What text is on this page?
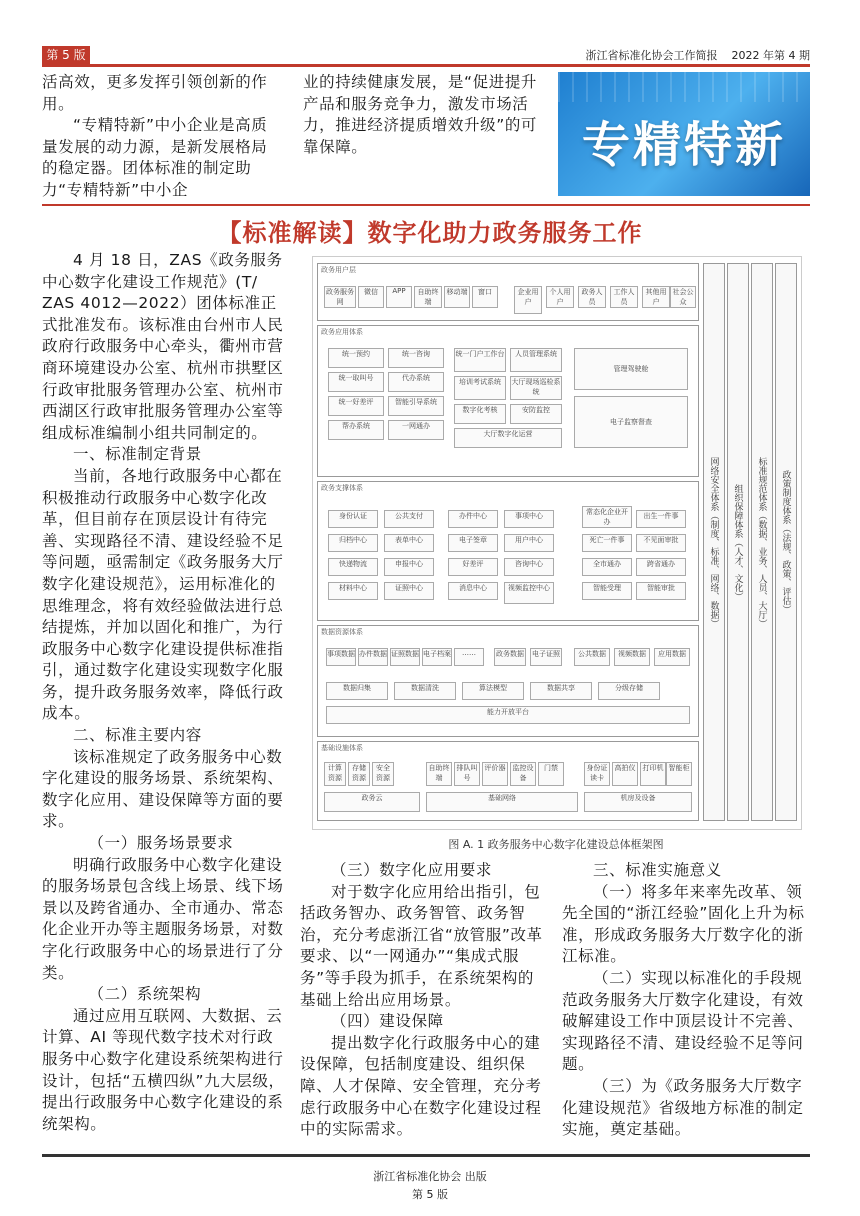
第 5 版	浙江省标准化协会工作简报 2022 年第 4 期

活高效，更多发挥引领创新的作用。

“专精特新”中小企业是高质量发展的动力源，是新发展格局的稳定器。团体标准的制定助力“专精特新”中小企

业的持续健康发展，是“促进提升产品和服务竞争力，激发市场活力，推进经济提质增效升级”的可靠保障。	专精特新
【标准解读】数字化助力政务服务工作

4 月 18 日，ZAS《政务服务中心数字化建设工作规范》(T/ ZAS 4012—2022）团体标准正式批准发布。该标准由台州市人民政府行政服务中心牵头，衢州市营商环境建设办公室、杭州市拱墅区行政审批服务管理办公室、杭州市西湖区行政审批服务管理办公室等组成标准编制小组共同制定的。

一、标准制定背景

当前，各地行政服务中心都在积极推动行政服务中心数字化改革，但目前存在顶层设计有待完善、实现路径不清、建设经验不足等问题，亟需制定《政务服务大厅数字化建设规范》，运用标准化的思维理念，将有效经验做法进行总结提炼，并加以固化和推广，为行政服务中心数字化建设提供标准指引，通过数字化建设实现数字化服务，提升政务服务效率，降低行政成本。

二、标准主要内容

该标准规定了政务服务中心数字化建设的服务场景、系统架构、数字化应用、建设保障等方面的要求。

（一）服务场景要求

明确行政服务中心数字化建设的服务场景包含线上场景、线下场景以及跨省通办、全市通办、常态化企业开办等主题服务场景，对数字化行政服务中心的场景进行了分类。

（二）系统架构

通过应用互联网、大数据、云计算、AI 等现代数字技术对行政服务中心数字化建设系统架构进行设计，包括“五横四纵”九大层级，提出行政服务中心数字化建设的系统架构。

政务用户层
政务服务网
微信	APP	自助终端
移动端	窗口	企业用户
个人用户
政务人员
工作人员
其他用户
社会公众
政务应用体系
统一预约	统一咨询
统一取叫号	代办系统
统一好差评	智能引导系统
帮办系统	一网通办
统一门户工作台	人员管理系统
培训考试系统	大厅现场巡检系统
数字化考核	安防监控
大厅数字化运营
管理驾驶舱
电子监察督查
政务支撑体系
身份认证	公共支付	办件中心	事项中心
归档中心	表单中心	电子签章	用户中心
快递物流	申报中心	好差评	咨询中心
材料中心	证照中心	消息中心	视频监控中心
常态化企业开办
出生一件事
死亡一件事	不见面审批
全市通办	跨省通办
智能受理	智能审批
数据资源体系
事项数据 办件数据 证照数据 电子档案	……	政务数据 电子证照	公共数据	视频数据	应用数据
数据归集	数据清洗	算法模型	数据共享	分级存储
能力开放平台
基础设施体系
计算资源
存储资源
安全资源
政务云	基础网络	机房及设备
自助终端
排队叫号
评价器	监控设备
门禁	身份证读卡
高拍仪	打印机 智能柜
网络安全体系（制度、标准、网络、数据）	组织保障体系（人才、文化）	标准规范体系（数据、业务、人员、大厅）	政策制度体系（法规、政策、评估）
图 A. 1 政务服务中心数字化建设总体框架图

（三）数字化应用要求

对于数字化应用给出指引，包括政务智办、政务智管、政务智治，充分考虑浙江省“放管服”改革要求、以“一网通办”“集成式服务”等手段为抓手，在系统架构的基础上给出应用场景。

（四）建设保障

提出数字化行政服务中心的建设保障，包括制度建设、组织保障、人才保障、安全管理，充分考虑行政服务中心在数字化建设过程中的实际需求。

三、标准实施意义

（一）将多年来率先改革、领先全国的“浙江经验”固化上升为标准，形成政务服务大厅数字化的浙江标准。

（二）实现以标准化的手段规范政务服务大厅数字化建设，有效破解建设工作中顶层设计不完善、实现路径不清、建设经验不足等问题。

（三）为《政务服务大厅数字化建设规范》省级地方标准的制定实施，奠定基础。

浙江省标准化协会 出版
第 5 版
